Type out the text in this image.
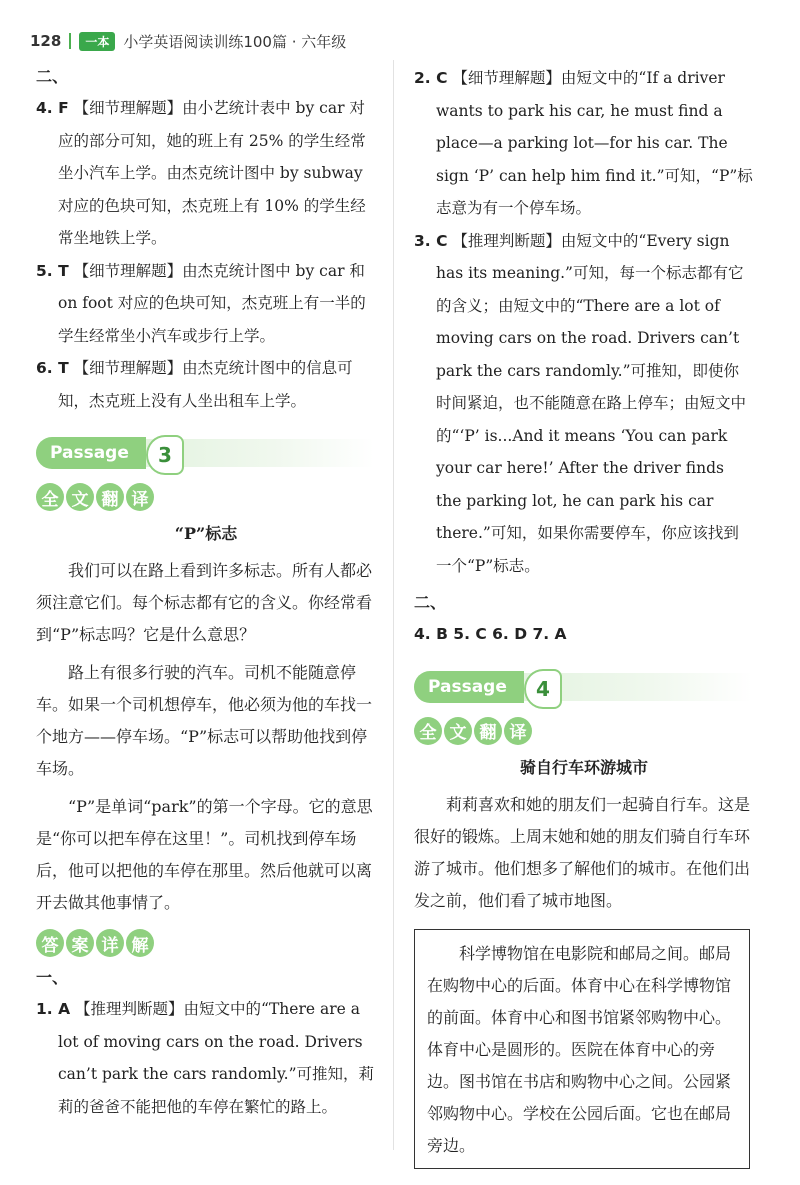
128	一本 小学英语阅读训练100篇 · 六年级

二、

4. F 【细节理解题】由小艺统计表中 by car 对应的部分可知，她的班上有 25% 的学生经常坐小汽车上学。由杰克统计图中 by subway 对应的色块可知，杰克班上有 10% 的学生经常坐地铁上学。

5. T 【细节理解题】由杰克统计图中 by car 和 on foot 对应的色块可知，杰克班上有一半的学生经常坐小汽车或步行上学。

6. T 【细节理解题】由杰克统计图中的信息可知，杰克班上没有人坐出租车上学。

Passage	3
全 文 翻 译

“P”标志

我们可以在路上看到许多标志。所有人都必须注意它们。每个标志都有它的含义。你经常看到“P”标志吗？它是什么意思？

路上有很多行驶的汽车。司机不能随意停车。如果一个司机想停车，他必须为他的车找一个地方——停车场。“P”标志可以帮助他找到停车场。

“P”是单词“park”的第一个字母。它的意思是“你可以把车停在这里！”。司机找到停车场后，他可以把他的车停在那里。然后他就可以离开去做其他事情了。

答 案 详 解

一、

1. A 【推理判断题】由短文中的“There are a lot of moving cars on the road. Drivers can’t park the cars randomly.”可推知，莉莉的爸爸不能把他的车停在繁忙的路上。

2. C 【细节理解题】由短文中的“If a driver wants to park his car, he must find a place—a parking lot—for his car. The sign ‘P’ can help him find it.”可知，“P”标志意为有一个停车场。

3. C 【推理判断题】由短文中的“Every sign has its meaning.”可知，每一个标志都有它的含义；由短文中的“There are a lot of moving cars on the road. Drivers can’t park the cars randomly.”可推知，即使你时间紧迫，也不能随意在路上停车；由短文中的“‘P’ is...And it means ‘You can park your car here!’ After the driver finds the parking lot, he can park his car there.”可知，如果你需要停车，你应该找到一个“P”标志。

二、

4. B 5. C 6. D 7. A

Passage	4
全 文 翻 译

骑自行车环游城市

莉莉喜欢和她的朋友们一起骑自行车。这是很好的锻炼。上周末她和她的朋友们骑自行车环游了城市。他们想多了解他们的城市。在他们出发之前，他们看了城市地图。

科学博物馆在电影院和邮局之间。邮局在购物中心的后面。体育中心在科学博物馆的前面。体育中心和图书馆紧邻购物中心。体育中心是圆形的。医院在体育中心的旁边。图书馆在书店和购物中心之间。公园紧邻购物中心。学校在公园后面。它也在邮局旁边。
